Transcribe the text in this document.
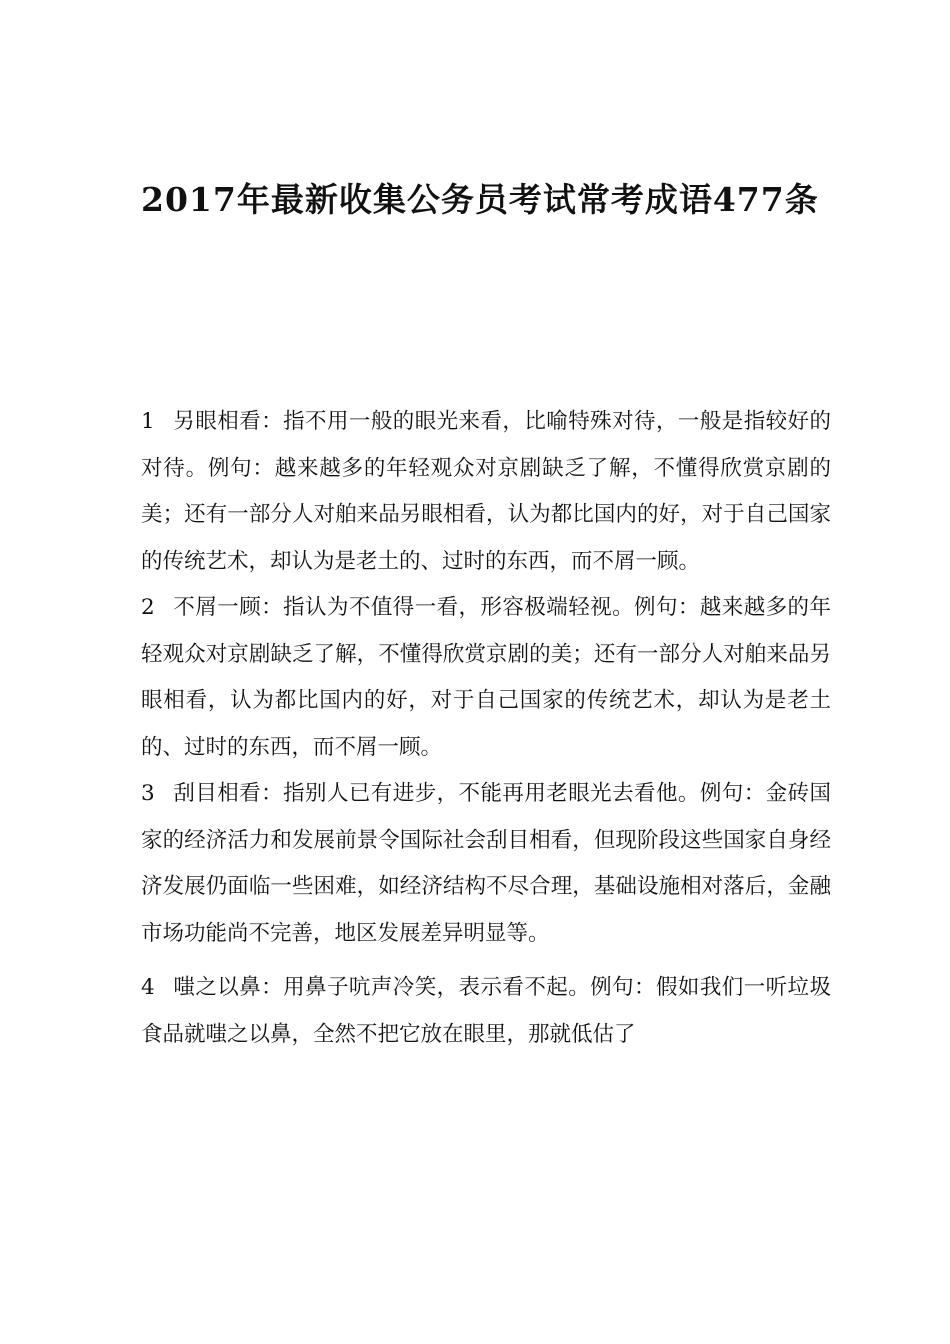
2017年最新收集公务员考试常考成语477条

1 另眼相看：指不用一般的眼光来看，比喻特殊对待，一般是指较好的对待。例句：越来越多的年轻观众对京剧缺乏了解，不懂得欣赏京剧的美；还有一部分人对舶来品另眼相看，认为都比国内的好，对于自己国家的传统艺术，却认为是老土的、过时的东西，而不屑一顾。

2 不屑一顾：指认为不值得一看，形容极端轻视。例句：越来越多的年轻观众对京剧缺乏了解，不懂得欣赏京剧的美；还有一部分人对舶来品另眼相看，认为都比国内的好，对于自己国家的传统艺术，却认为是老土的、过时的东西，而不屑一顾。

3 刮目相看：指别人已有进步，不能再用老眼光去看他。例句：金砖国家的经济活力和发展前景令国际社会刮目相看，但现阶段这些国家自身经济发展仍面临一些困难，如经济结构不尽合理，基础设施相对落后，金融市场功能尚不完善，地区发展差异明显等。

4 嗤之以鼻：用鼻子吭声冷笑，表示看不起。例句：假如我们一听垃圾食品就嗤之以鼻，全然不把它放在眼里，那就低估了
